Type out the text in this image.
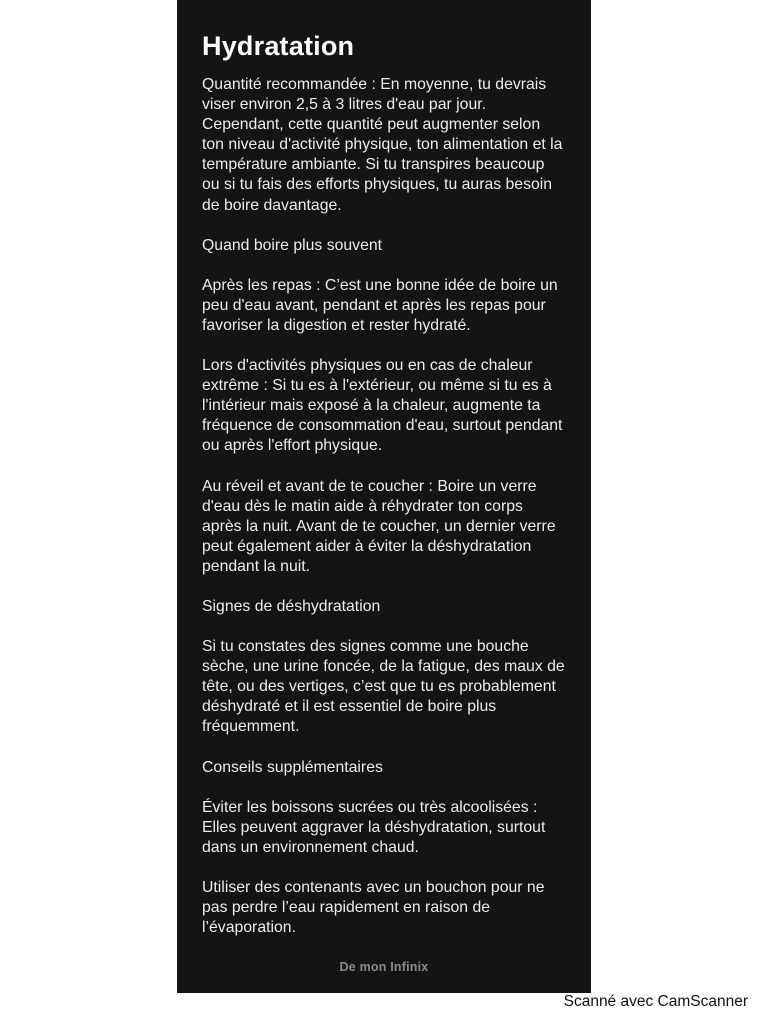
Hydratation

Quantité recommandée : En moyenne, tu devrais viser environ 2,5 à 3 litres d'eau par jour. Cependant, cette quantité peut augmenter selon ton niveau d'activité physique, ton alimentation et la température ambiante. Si tu transpires beaucoup ou si tu fais des efforts physiques, tu auras besoin de boire davantage.

Quand boire plus souvent

Après les repas : C’est une bonne idée de boire un peu d'eau avant, pendant et après les repas pour favoriser la digestion et rester hydraté.

Lors d'activités physiques ou en cas de chaleur extrême : Si tu es à l'extérieur, ou même si tu es à l'intérieur mais exposé à la chaleur, augmente ta fréquence de consommation d'eau, surtout pendant ou après l'effort physique.

Au réveil et avant de te coucher : Boire un verre d'eau dès le matin aide à réhydrater ton corps après la nuit. Avant de te coucher, un dernier verre peut également aider à éviter la déshydratation pendant la nuit.

Signes de déshydratation

Si tu constates des signes comme une bouche sèche, une urine foncée, de la fatigue, des maux de tête, ou des vertiges, c’est que tu es probablement déshydraté et il est essentiel de boire plus fréquemment.

Conseils supplémentaires

Éviter les boissons sucrées ou très alcoolisées : Elles peuvent aggraver la déshydratation, surtout dans un environnement chaud.

Utiliser des contenants avec un bouchon pour ne pas perdre l’eau rapidement en raison de l’évaporation.

De mon Infinix
Scanné avec CamScanner
